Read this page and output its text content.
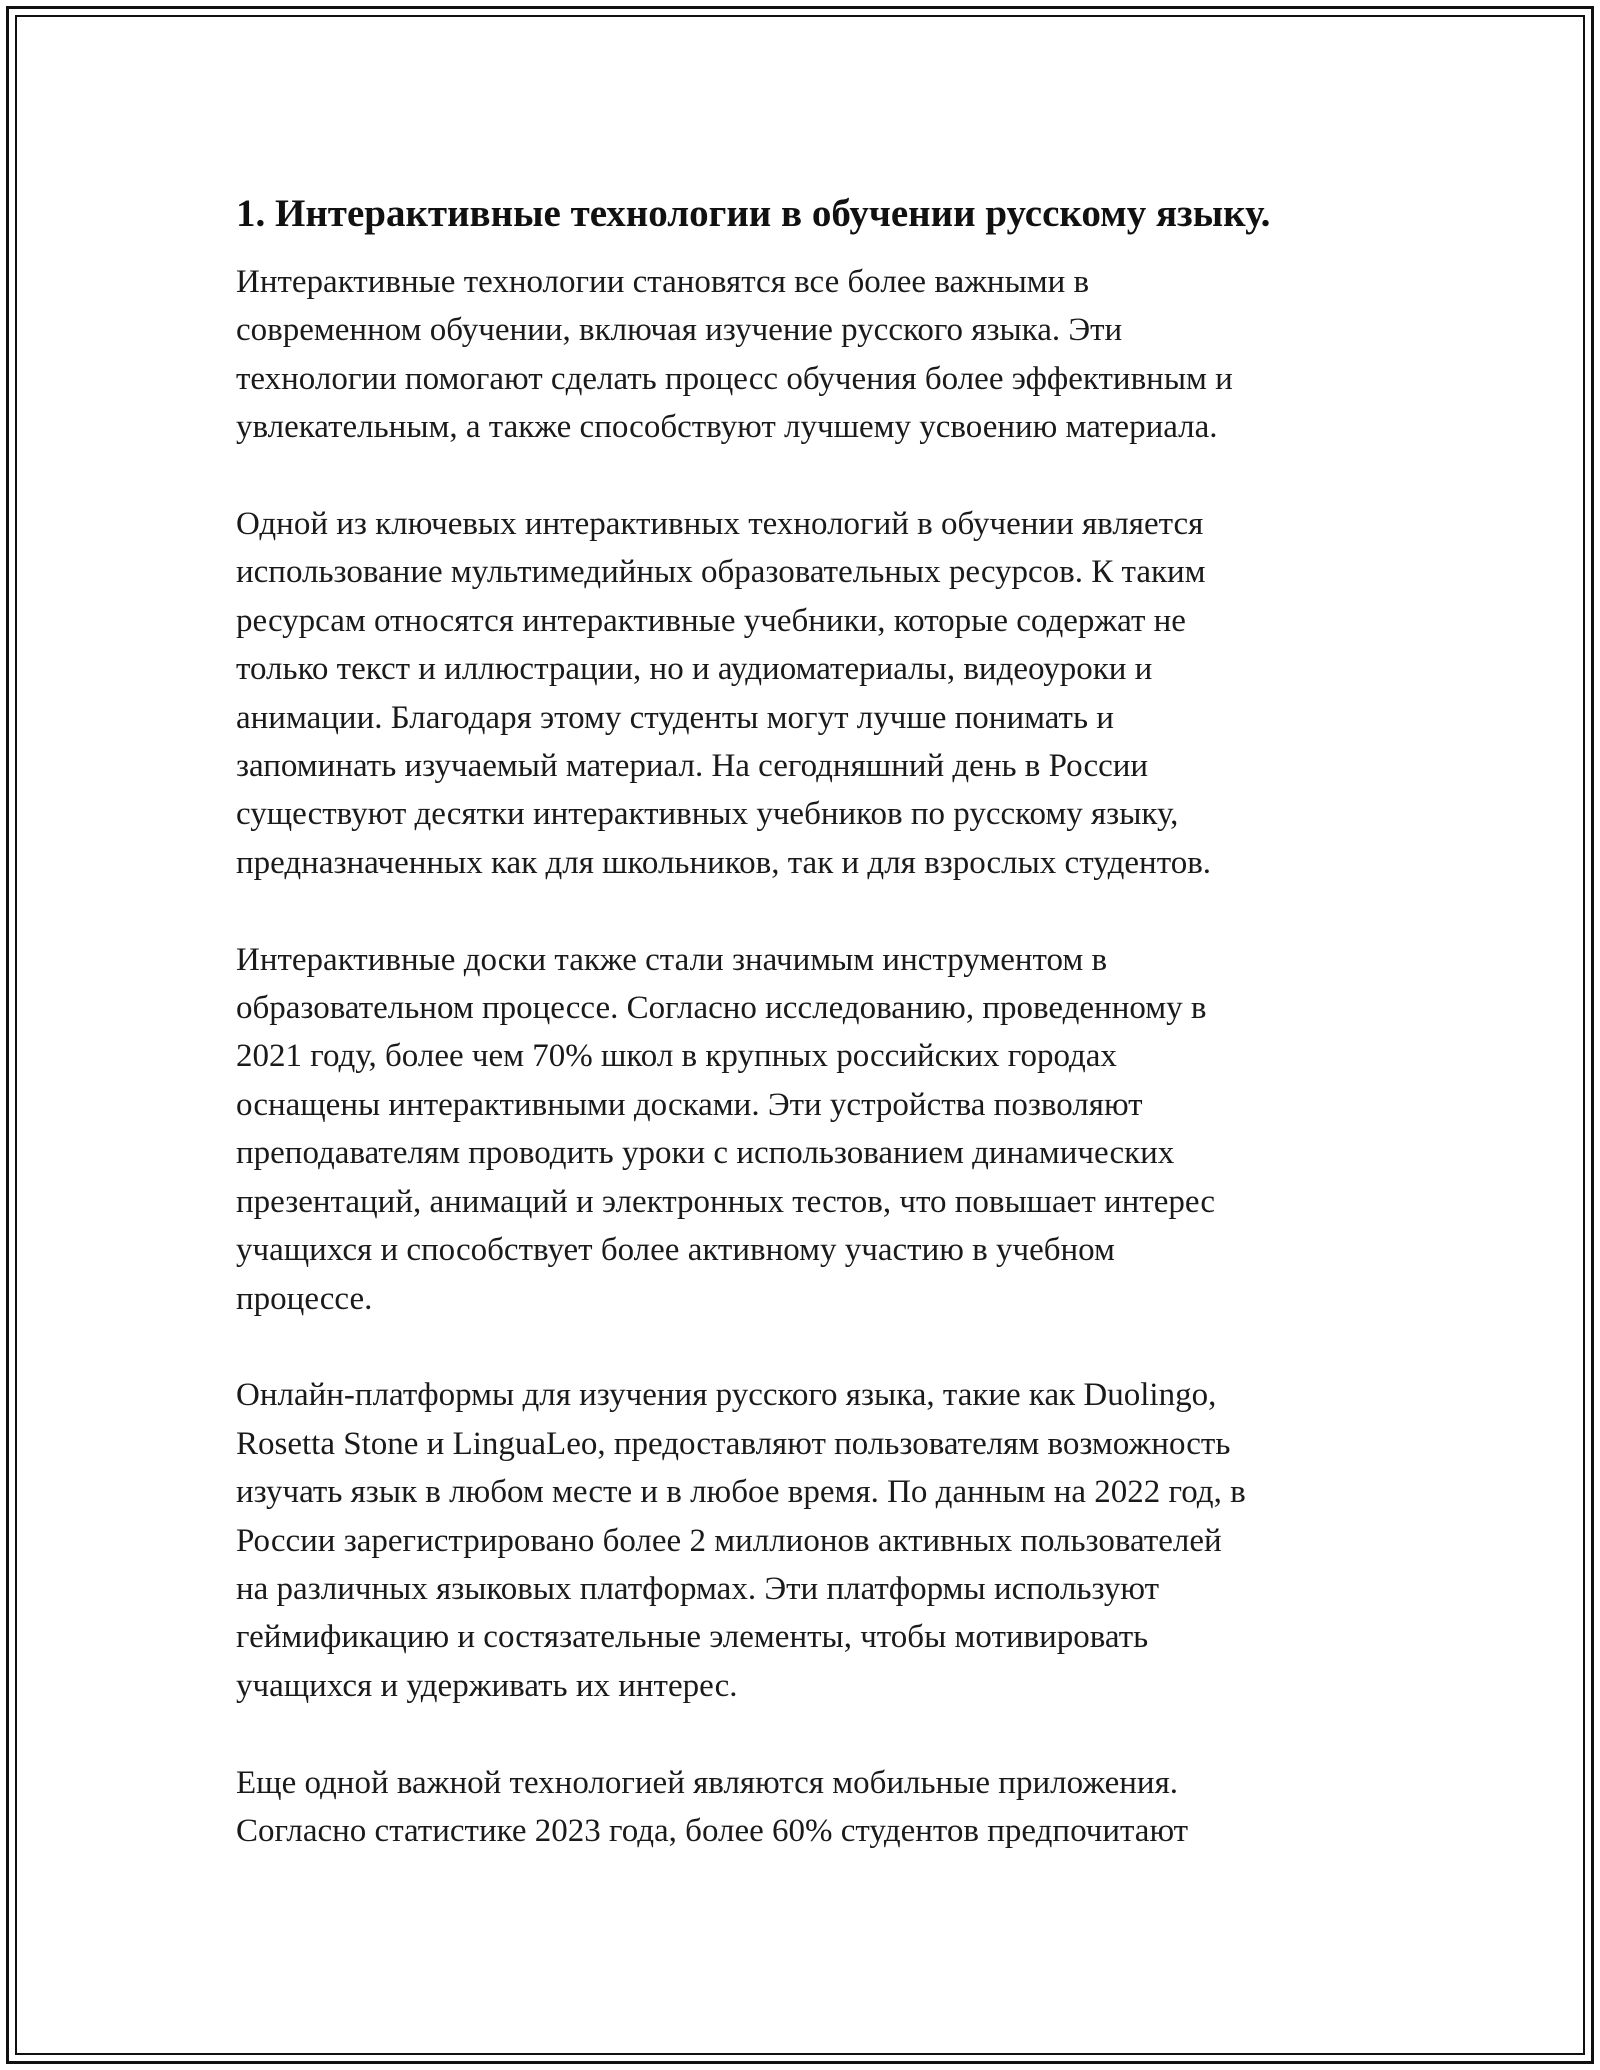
1. Интерактивные технологии в обучении русскому языку.

Интерактивные технологии становятся все более важными в
современном обучении, включая изучение русского языка. Эти
технологии помогают сделать процесс обучения более эффективным и
увлекательным, а также способствуют лучшему усвоению материала.

Одной из ключевых интерактивных технологий в обучении является
использование мультимедийных образовательных ресурсов. К таким
ресурсам относятся интерактивные учебники, которые содержат не
только текст и иллюстрации, но и аудиоматериалы, видеоуроки и
анимации. Благодаря этому студенты могут лучше понимать и
запоминать изучаемый материал. На сегодняшний день в России
существуют десятки интерактивных учебников по русскому языку,
предназначенных как для школьников, так и для взрослых студентов.

Интерактивные доски также стали значимым инструментом в
образовательном процессе. Согласно исследованию, проведенному в
2021 году, более чем 70% школ в крупных российских городах
оснащены интерактивными досками. Эти устройства позволяют
преподавателям проводить уроки с использованием динамических
презентаций, анимаций и электронных тестов, что повышает интерес
учащихся и способствует более активному участию в учебном
процессе.

Онлайн-платформы для изучения русского языка, такие как Duolingo,
Rosetta Stone и LinguaLeo, предоставляют пользователям возможность
изучать язык в любом месте и в любое время. По данным на 2022 год, в
России зарегистрировано более 2 миллионов активных пользователей
на различных языковых платформах. Эти платформы используют
геймификацию и состязательные элементы, чтобы мотивировать
учащихся и удерживать их интерес.

Еще одной важной технологией являются мобильные приложения.
Согласно статистике 2023 года, более 60% студентов предпочитают
